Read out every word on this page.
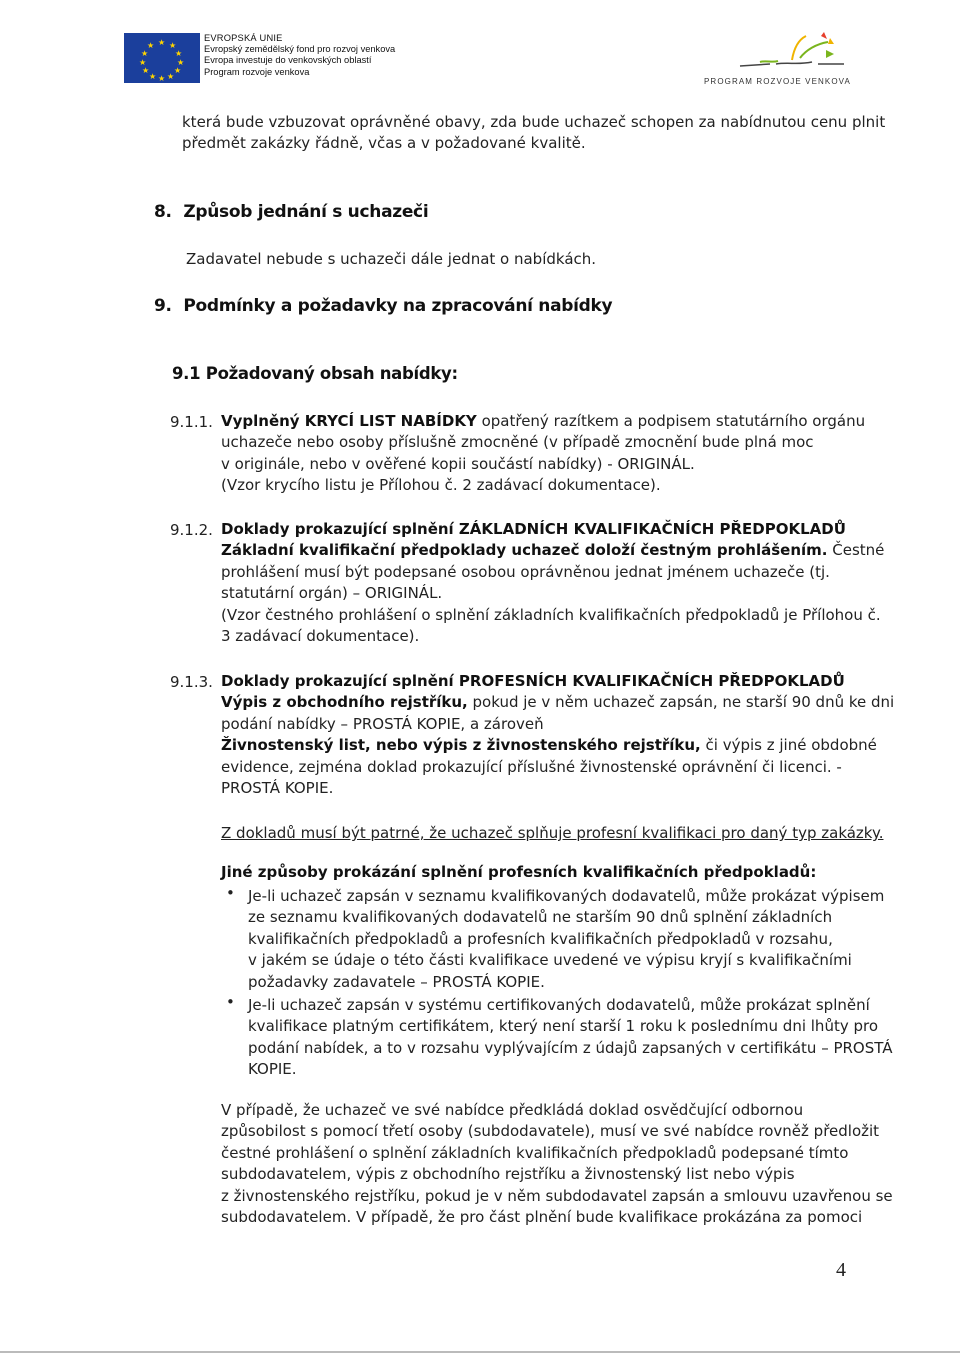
★ ★
★
★
★
★
★
★
★
★
★
★
EVROPSKÁ UNIE
Evropský zemědělský fond pro rozvoj venkova
Evropa investuje do venkovských oblastí
Program rozvoje venkova
PROGRAM ROZVOJE VENKOVA
která bude vzbuzovat oprávněné obavy, zda bude uchazeč schopen za nabídnutou cenu plnit
předmět zakázky řádně, včas a v požadované kvalitě.
8. Způsob jednání s uchazeči
Zadavatel nebude s uchazeči dále jednat o nabídkách.
9. Podmínky a požadavky na zpracování nabídky
9.1 Požadovaný obsah nabídky:
9.1.1. Vyplněný KRYCÍ LIST NABÍDKY opatřený razítkem a podpisem statutárního orgánu
uchazeče nebo osoby příslušně zmocněné (v případě zmocnění bude plná moc
v originále, nebo v ověřené kopii součástí nabídky) - ORIGINÁL.
(Vzor krycího listu je Přílohou č. 2 zadávací dokumentace).
9.1.2. Doklady prokazující splnění ZÁKLADNÍCH KVALIFIKAČNÍCH PŘEDPOKLADŮ
Základní kvalifikační předpoklady uchazeč doloží čestným prohlášením. Čestné
prohlášení musí být podepsané osobou oprávněnou jednat jménem uchazeče (tj.
statutární orgán) – ORIGINÁL.
(Vzor čestného prohlášení o splnění základních kvalifikačních předpokladů je Přílohou č.
3 zadávací dokumentace).
9.1.3. Doklady prokazující splnění PROFESNÍCH KVALIFIKAČNÍCH PŘEDPOKLADŮ
Výpis z obchodního rejstříku, pokud je v něm uchazeč zapsán, ne starší 90 dnů ke dni
podání nabídky – PROSTÁ KOPIE, a zároveň
Živnostenský list, nebo výpis z živnostenského rejstříku, či výpis z jiné obdobné
evidence, zejména doklad prokazující příslušné živnostenské oprávnění či licenci. -
PROSTÁ KOPIE.
Z dokladů musí být patrné, že uchazeč splňuje profesní kvalifikaci pro daný typ zakázky.
Jiné způsoby prokázání splnění profesních kvalifikačních předpokladů:
• Je-li uchazeč zapsán v seznamu kvalifikovaných dodavatelů, může prokázat výpisem
ze seznamu kvalifikovaných dodavatelů ne starším 90 dnů splnění základních
kvalifikačních předpokladů a profesních kvalifikačních předpokladů v rozsahu,
v jakém se údaje o této části kvalifikace uvedené ve výpisu kryjí s kvalifikačními
požadavky zadavatele – PROSTÁ KOPIE.
• Je-li uchazeč zapsán v systému certifikovaných dodavatelů, může prokázat splnění
kvalifikace platným certifikátem, který není starší 1 roku k poslednímu dni lhůty pro
podání nabídek, a to v rozsahu vyplývajícím z údajů zapsaných v certifikátu – PROSTÁ
KOPIE.
V případě, že uchazeč ve své nabídce předkládá doklad osvědčující odbornou
způsobilost s pomocí třetí osoby (subdodavatele), musí ve své nabídce rovněž předložit
čestné prohlášení o splnění základních kvalifikačních předpokladů podepsané tímto
subdodavatelem, výpis z obchodního rejstříku a živnostenský list nebo výpis
z živnostenského rejstříku, pokud je v něm subdodavatel zapsán a smlouvu uzavřenou se
subdodavatelem. V případě, že pro část plnění bude kvalifikace prokázána za pomoci
4
